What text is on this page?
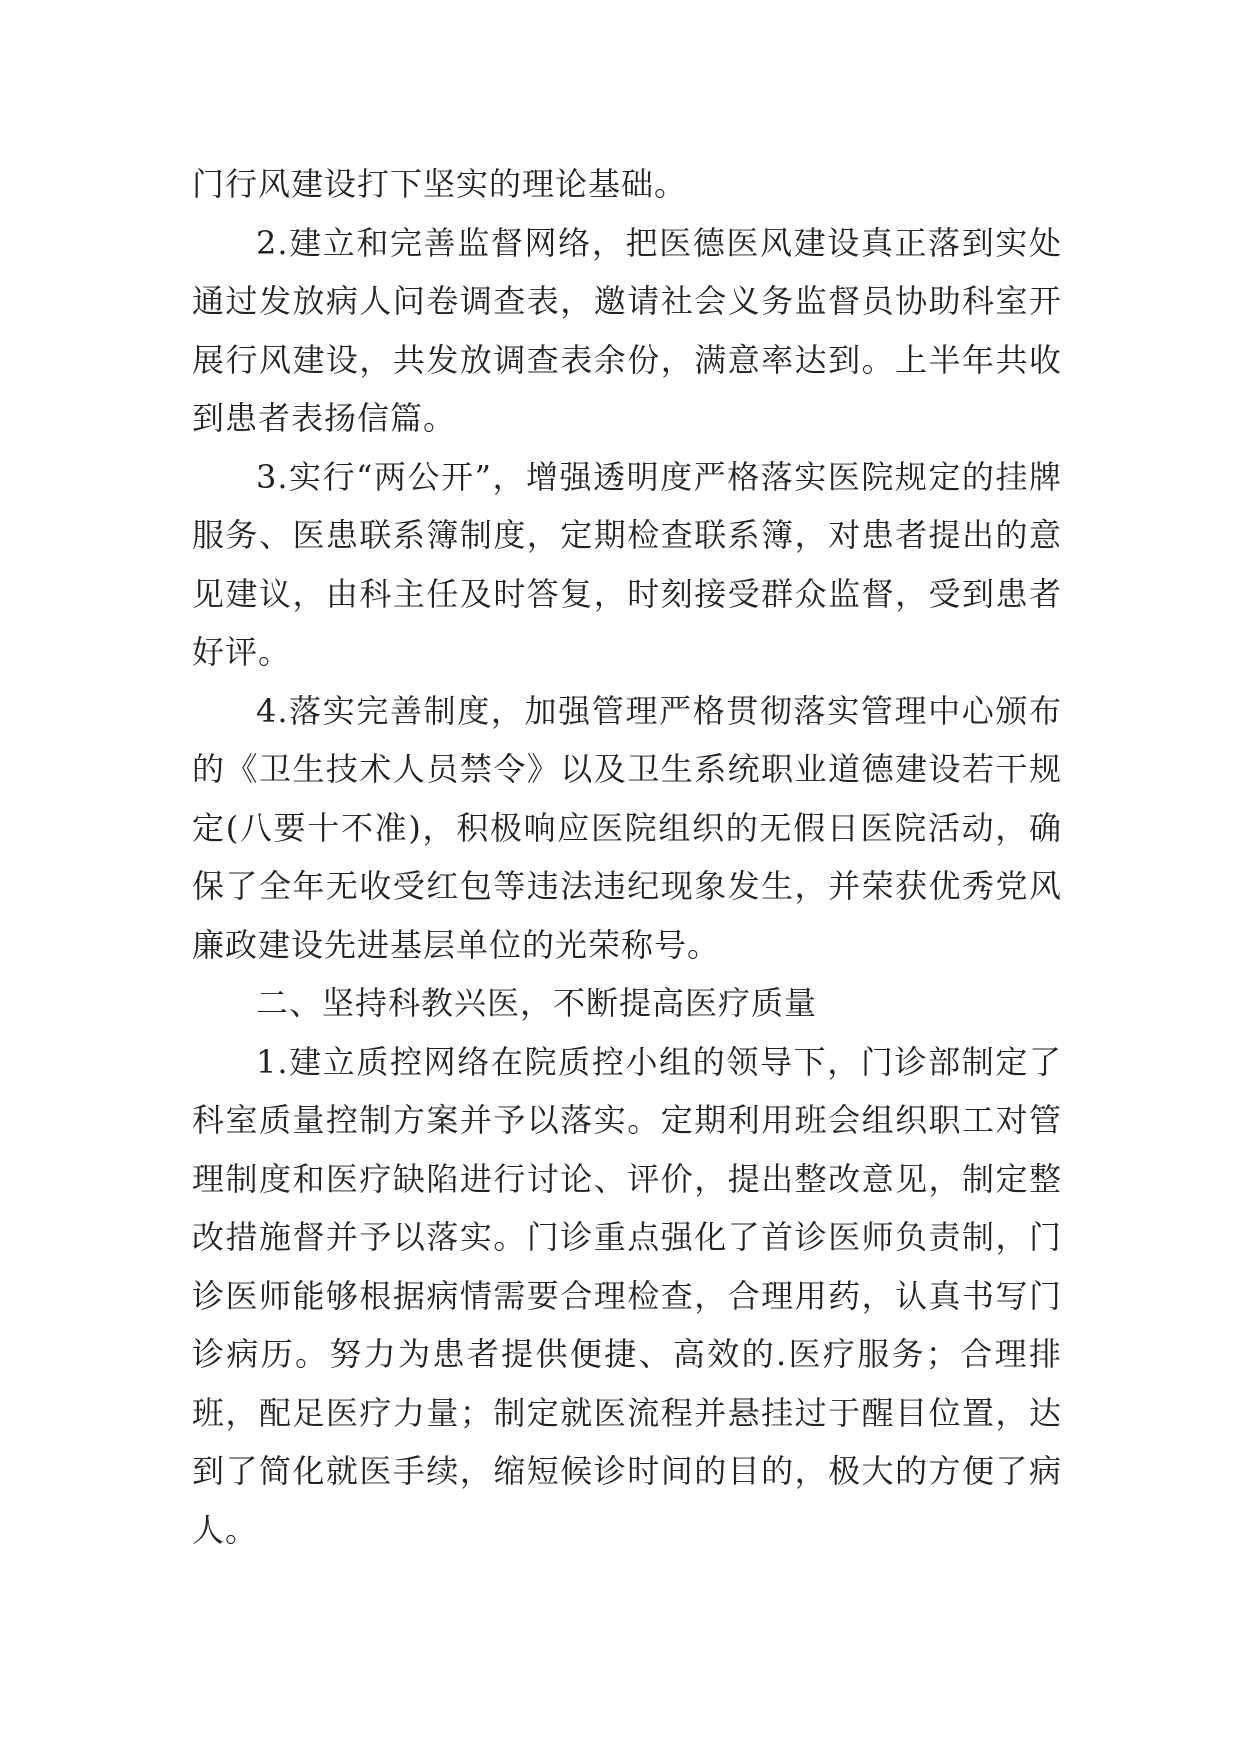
门行风建设打下坚实的理论基础。

2.建立和完善监督网络，把医德医风建设真正落到实处通过发放病人问卷调查表，邀请社会义务监督员协助科室开展行风建设，共发放调查表余份，满意率达到。上半年共收到患者表扬信篇。

3.实行“两公开”，增强透明度严格落实医院规定的挂牌服务、医患联系簿制度，定期检查联系簿，对患者提出的意见建议，由科主任及时答复，时刻接受群众监督，受到患者好评。

4.落实完善制度，加强管理严格贯彻落实管理中心颁布的《卫生技术人员禁令》以及卫生系统职业道德建设若干规定(八要十不准)，积极响应医院组织的无假日医院活动，确保了全年无收受红包等违法违纪现象发生，并荣获优秀党风廉政建设先进基层单位的光荣称号。

二、坚持科教兴医，不断提高医疗质量

1.建立质控网络在院质控小组的领导下，门诊部制定了科室质量控制方案并予以落实。定期利用班会组织职工对管理制度和医疗缺陷进行讨论、评价，提出整改意见，制定整改措施督并予以落实。门诊重点强化了首诊医师负责制，门诊医师能够根据病情需要合理检查，合理用药，认真书写门诊病历。努力为患者提供便捷、高效的.医疗服务；合理排班，配足医疗力量；制定就医流程并悬挂过于醒目位置，达到了简化就医手续，缩短候诊时间的目的，极大的方便了病人。
